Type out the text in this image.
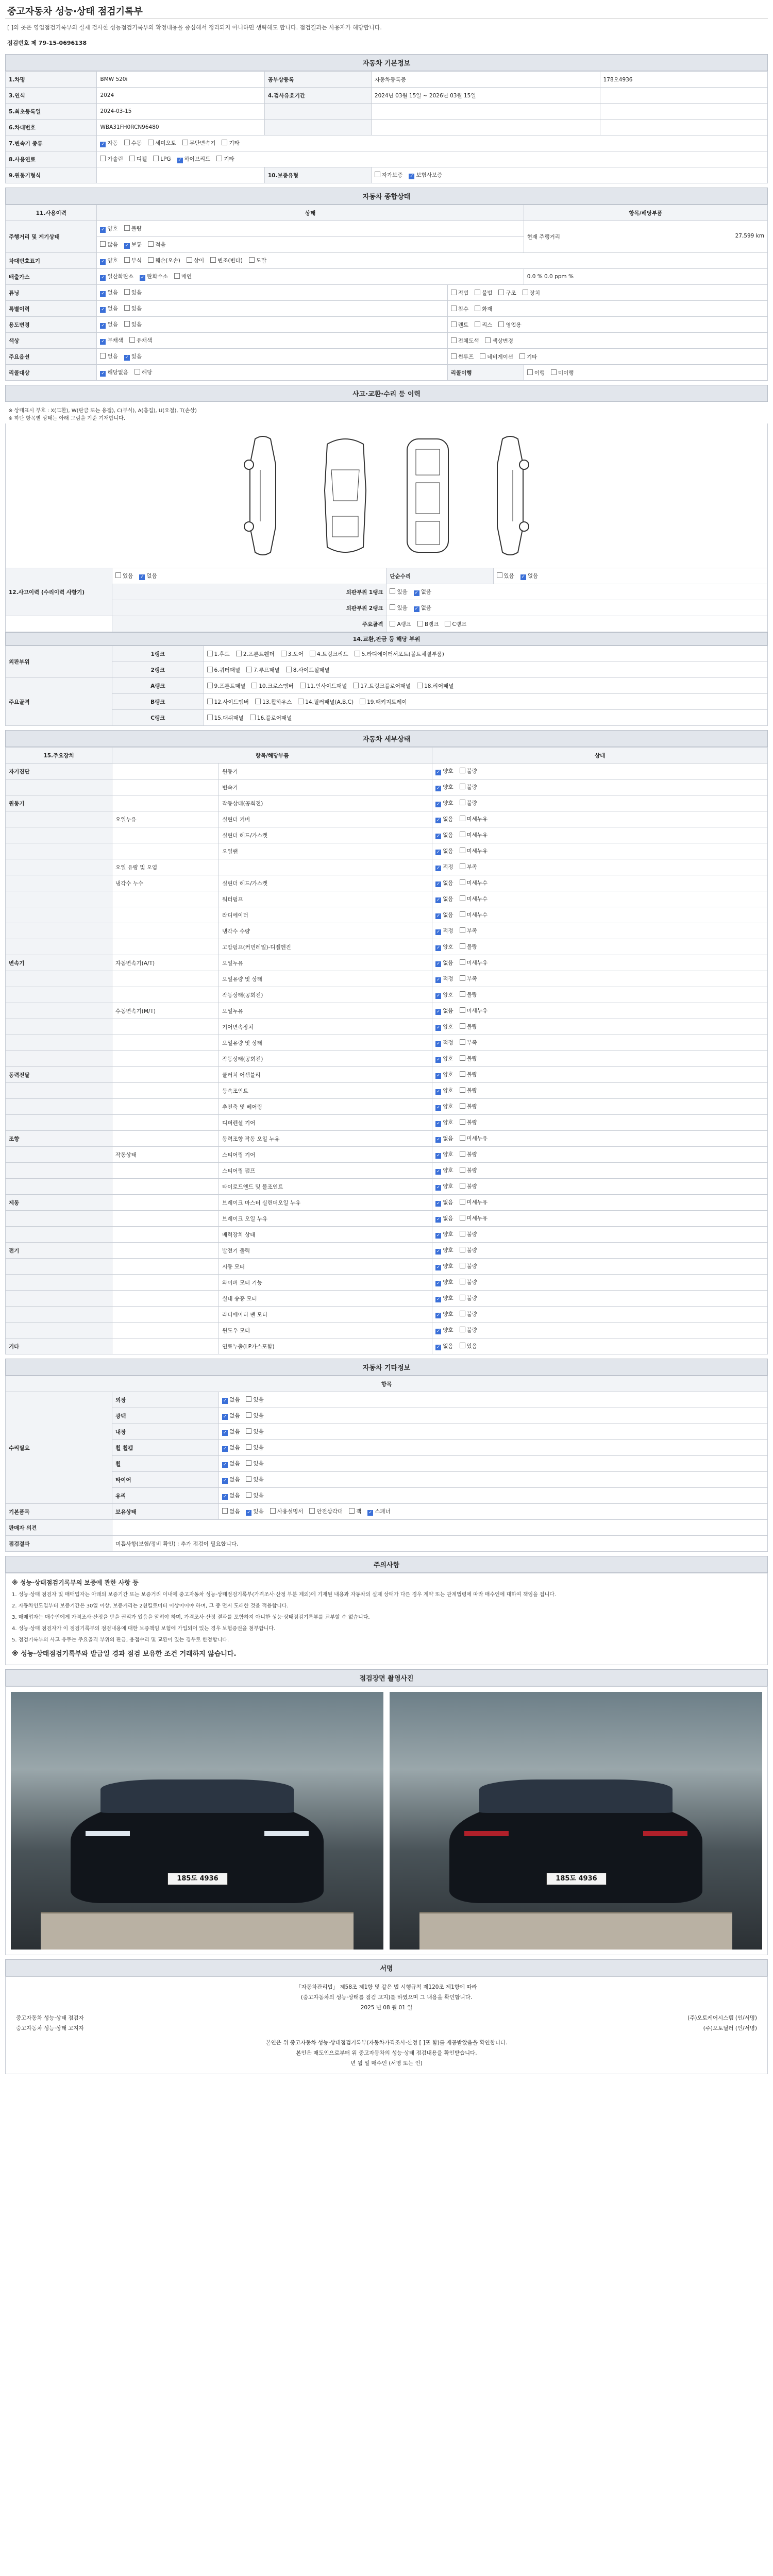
중고자동차 성능·상태 점검기록부
[ ]의 곳은 영업점검기록부의 실제 검사한 성능점검기록부의 확정내용을 중심해서 정리되지 아니하면 생략해도 합니다. 점검결과는 사용자가 해당합니다.
점검번호 제 79-15-0696138
자동차 기본정보
1.차명	BMW 520i	공부상등록	자동차등록증	178오4936
3.연식	2024	4.검사유효기간	2024년 03월 15일 ~ 2026년 03월 15일	
5.최초등록일	2024-03-15			
6.차대번호	WBA31FH0RCN96480			
7.변속기 종류	✓ 자동 수동 세미오토 무단변속기 기타
8.사용연료	가솔린 디젤 LPG ✓ 하이브리드 기타
9.원동기형식		10.보증유형	자가보증 ✓ 보험사보증
자동차 종합상태
11.사용이력	상태		항목/해당부품
주행거리 및 계기상태	✓ 양호 불량		현재 주행거리 27,599 km

	많음 ✓ 보통 적음
차대번호표기	✓ 양호 부식 훼손(오손) 상이 변조(변타) 도말
배출가스	✓ 일산화탄소 ✓ 탄화수소 매연		0.0 % 0.0 ppm %
튜닝	✓ 없음 있음	적법 불법 구조 장치	
특별이력	✓ 없음 있음	침수 화재	
용도변경	✓ 없음 있음	렌트 리스 영업용	
색상	✓ 무채색 유채색	전체도색 색상변경	
주요옵션	없음 ✓ 있음	썬루프 네비게이션 기타	
리콜대상	✓ 해당없음 해당	리콜이행	이행 미이행
사고·교환·수리 등 이력
※ 상태표시 부호 : X(교환), W(판금 또는 용접), C(부식), A(흠집), U(요철), T(손상)
※ 하단 항목별 상태는 아래 그림을 기준 기재합니다.
12.사고이력 (수리이력 사항기)	있음 ✓ 없음	단순수리	있음 ✓ 없음
	외판부위 1랭크	있음 ✓ 없음
	외판부위 2랭크	있음 ✓ 없음
	주요골격	A랭크 B랭크 C랭크	
14.교환,판금 등 해당 부위
외판부위	1랭크	1.후드 2.프론트휀더 3.도어 4.트렁크리드 5.라디에이터서포트(볼트체결부품)
	2랭크	6.쿼터패널 7.루프패널 8.사이드실패널
주요골격	A랭크	9.프론트패널 10.크로스멤버 11.인사이드패널 17.트렁크플로어패널 18.리어패널
	B랭크	12.사이드멤버 13.휠하우스 14.필러패널(A,B,C) 19.패키지트레이
	C랭크	15.대쉬패널 16.플로어패널
자동차 세부상태
15.주요장치	항목/해당부품		상태
자기진단		원동기	✓ 양호 불량
		변속기	✓ 양호 불량
원동기		작동상태(공회전)	✓ 양호 불량
	오일누유	실린더 커버	✓ 없음 미세누유
		실린더 헤드/가스켓	✓ 없음 미세누유
		오일팬	✓ 없음 미세누유
	오일 유량 및 오염		✓ 적정 부족
	냉각수 누수	실린더 헤드/가스켓	✓ 없음 미세누수
		워터펌프	✓ 없음 미세누수
		라디에이터	✓ 없음 미세누수
		냉각수 수량	✓ 적정 부족
		고압펌프(커먼레일)-디젤엔진	✓ 양호 불량
변속기	자동변속기(A/T)	오일누유	✓ 없음 미세누유
		오일유량 및 상태	✓ 적정 부족
		작동상태(공회전)	✓ 양호 불량
	수동변속기(M/T)	오일누유	✓ 없음 미세누유
		기어변속장치	✓ 양호 불량
		오일유량 및 상태	✓ 적정 부족
		작동상태(공회전)	✓ 양호 불량
동력전달		클러치 어셈블리	✓ 양호 불량
		등속조인트	✓ 양호 불량
		추진축 및 베어링	✓ 양호 불량
		디퍼렌셜 기어	✓ 양호 불량
조향		동력조향 작동 오일 누유	✓ 없음 미세누유
	작동상태	스티어링 기어	✓ 양호 불량
		스티어링 펌프	✓ 양호 불량
		타이로드엔드 및 볼조인트	✓ 양호 불량
제동		브레이크 마스터 실린더오일 누유	✓ 없음 미세누유
		브레이크 오일 누유	✓ 없음 미세누유
		배력장치 상태	✓ 양호 불량
전기		발전기 출력	✓ 양호 불량
		시동 모터	✓ 양호 불량
		와이퍼 모터 기능	✓ 양호 불량
		실내 송풍 모터	✓ 양호 불량
		라디에이터 팬 모터	✓ 양호 불량
		윈도우 모터	✓ 양호 불량
기타		연료누출(LP가스포함)	✓ 없음 있음
자동차 기타정보
항목		
수리필요	외장	✓ 없음 있음
	광택	✓ 없음 있음
	내장	✓ 없음 있음
	휠 휠캡	✓ 없음 있음
	휠	✓ 없음 있음
	타이어	✓ 없음 있음
	유리	✓ 없음 있음
기본품목	보유상태	없음 ✓ 있음 사용설명서 안전삼각대 잭 ✓ 스패너
판매자 의견		
점검결과	미흡사항(보험/정비 확인) : 추가 점검이 필요합니다.	
주의사항
※ 성능·상태점검기록부의 보증에 관한 사항 등

1. 성능·상태 점검자 및 매매업자는 아래의 보증기간 또는 보증거리 이내에 중고자동차 성능·상태점검기록부(가격조사·산정 부분 제외)에 기재된 내용과 자동차의 실제 상태가 다른 경우 계약 또는 관계법령에 따라 매수인에 대하여 책임을 집니다.

2. 자동차인도일부터 보증기간은 30일 이상, 보증거리는 2천킬로미터 이상이어야 하며, 그 중 먼저 도래한 것을 적용합니다.

3. 매매업자는 매수인에게 가격조사·산정을 받을 권리가 있음을 알려야 하며, 가격조사·산정 결과를 포함하지 아니한 성능·상태점검기록부를 교부할 수 없습니다.

4. 성능·상태 점검자가 이 점검기록부의 점검내용에 대한 보증책임 보험에 가입되어 있는 경우 보험증권을 첨부합니다.

5. 점검기록부의 사고 유무는 주요골격 부위의 판금, 용접수리 및 교환이 있는 경우로 한정합니다.

※ 성능·상태점검기록부와 발급일 경과 점검 보유한 조건 거래하지 않습니다.
점검장면 촬영사진
185도 4936	185도 4936
서명
「자동차관리법」 제58조 제1항 및 같은 법 시행규칙 제120조 제1항에 따라
(중고자동차의 성능·상태를 점검 고지)를 하였으며 그 내용을 확인합니다.
2025 년 08 월 01 일
중고자동차 성능·상태 점검자	(주)오토케어시스템 (인/서명)
중고자동차 성능·상태 고지자	(주)오토딜러 (인/서명)
본인은 위 중고자동차 성능·상태점검기록부(자동차가격조사·산정 [ ]포 함)를 제공받았음을 확인합니다.
본인은 매도인으로부터 위 중고자동차의 성능·상태 점검내용을 확인받습니다.
년 월 일 매수인 (서명 또는 인)
